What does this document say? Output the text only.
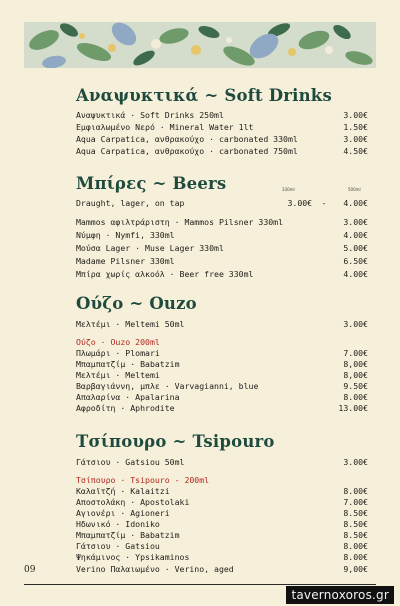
Αναψυκτικά ~ Soft Drinks
Αναψυκτικά · Soft Drinks 250ml	3.00€
Εμφιαλωμένο Νερό · Mineral Water 1lt	1.50€
Aqua Carpatica, ανθρακούχο · carbonated 330ml	3.00€
Aqua Carpatica, ανθρακούχο · carbonated 750ml	4.50€
Μπίρες ~ Beers	330ml	500ml
Draught, lager, on tap	3.00€ - 4.00€
Mammos αφιλτράριστη · Mammos Pilsner 330ml	3.00€
Νύμφη · Nymfi, 330ml	4.00€
Μούσα Lager · Muse Lager 330ml	5.00€
Madame Pilsner 330ml	6.50€
Μπίρα χωρίς αλκοόλ · Beer free 330ml	4.00€
Ούζο ~ Ouzo
Μελτέμι · Meltemi 50ml	3.00€
Ούζο · Ouzo 200ml
Πλωμάρι · Plomari	7.00€
Μπαμπατζίμ · Babatzim	8,00€
Μελτέμι · Meltemi	8,00€
Βαρβαγιάννη, μπλε · Varvagianni, blue	9.50€
Απαλαρίνα · Apalarina	8.00€
Αφροδίτη · Aphrodite	13.00€
Τσίπουρο ~ Tsipouro
Γάτσιου · Gatsiou 50ml	3.00€
Τσίπουρο · Tsipouro - 200ml
Καλαϊτζή · Kalaitzi	8.00€
Αποστολάκη · Apostolaki	7.00€
Αγιονέρι · Agioneri	8.50€
Ηδωνικό · Idoniko	8.50€
Μπαμπατζίμ · Babatzim	8.50€
Γάτσιου · Gatsiou	8.00€
Ψηκάμινος · Ypsikaminos	8.00€
Verino Παλαιωμένο · Verino, aged	9,00€
09
tavernoxoros.gr
